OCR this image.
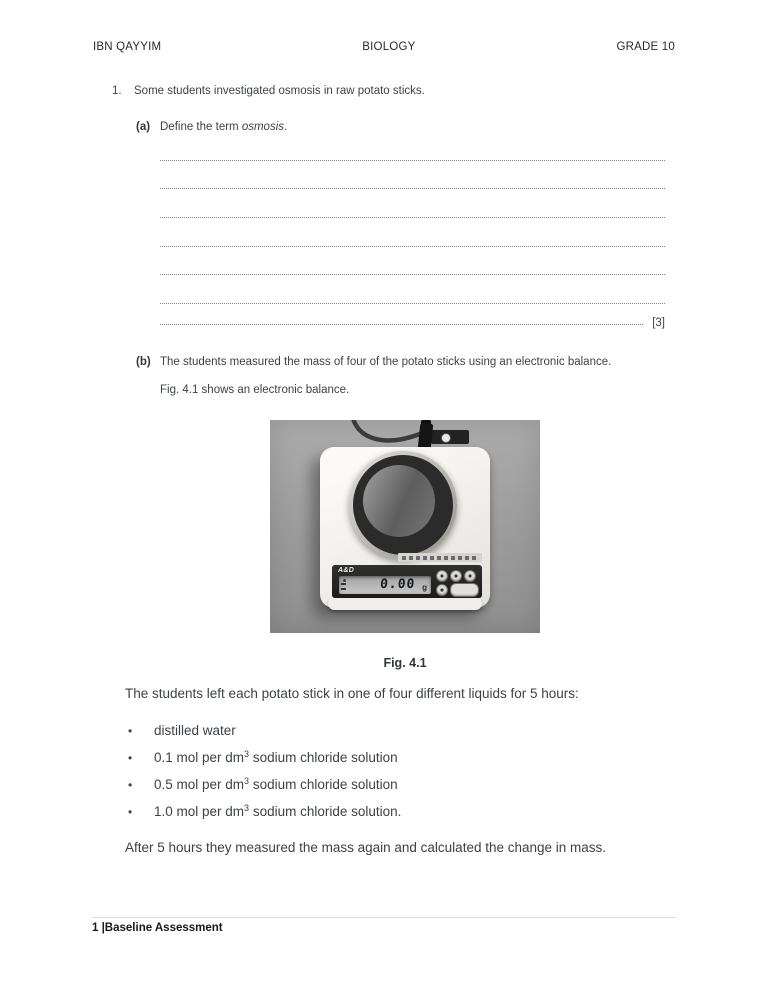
IBN QAYYIM	BIOLOGY	GRADE 10
1. Some students investigated osmosis in raw potato sticks.
(a) Define the term osmosis.
[3]
(b) The students measured the mass of four of the potato sticks using an electronic balance.
Fig. 4.1 shows an electronic balance.
A&D
0.00 g
Fig. 4.1
The students left each potato stick in one of four different liquids for 5 hours:
• distilled water
• 0.1 mol per $dm^3$ sodium chloride solution
• 0.5 mol per $dm^3$ sodium chloride solution
• 1.0 mol per $dm^3$ sodium chloride solution.
After 5 hours they measured the mass again and calculated the change in mass.
1 |Baseline Assessment
